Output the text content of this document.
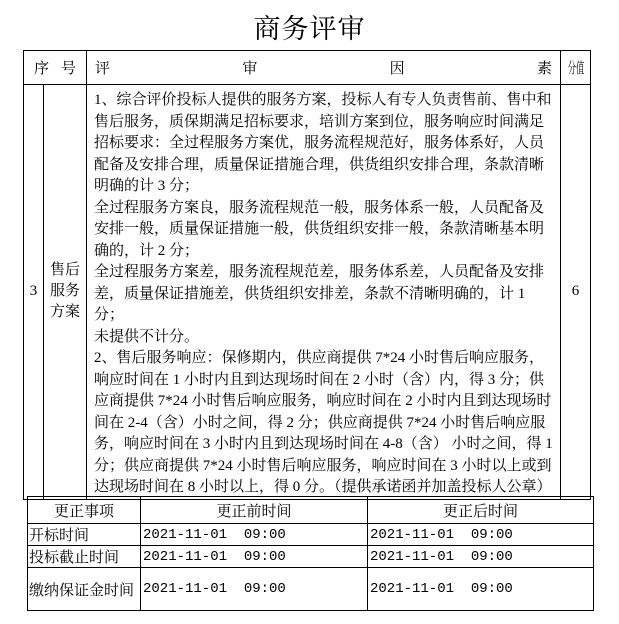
商务评审
序号		评审因素	分值
3	售后服务方案	1、综合评价投标人提供的服务方案，投标人有专人负责售前、售中和售后服务，质保期满足招标要求，培训方案到位，服务响应时间满足招标要求：全过程服务方案优，服务流程规范好，服务体系好，人员配备及安排合理，质量保证措施合理，供货组织安排合理，条款清晰明确的计 3 分；
全过程服务方案良，服务流程规范一般，服务体系一般，人员配备及安排一般，质量保证措施一般，供货组织安排一般，条款清晰基本明确的，计 2 分；
全过程服务方案差，服务流程规范差，服务体系差，人员配备及安排差，质量保证措施差，供货组织安排差，条款不清晰明确的，计 1 分；
未提供不计分。
2、售后服务响应：保修期内，供应商提供 7*24 小时售后响应服务，响应时间在 1 小时内且到达现场时间在 2 小时（含）内，得 3 分；供应商提供 7*24 小时售后响应服务，响应时间在 2 小时内且到达现场时间在 2-4（含）小时之间，得 2 分；供应商提供 7*24 小时售后响应服务，响应时间在 3 小时内且到达现场时间在 4-8（含） 小时之间，得 1 分；供应商提供 7*24 小时售后响应服务，响应时间在 3 小时以上或到达现场时间在 8 小时以上，得 0 分。（提供承诺函并加盖投标人公章）	6
更正事项	更正前时间	更正后时间
开标时间	2021-11-01  09:00	2021-11-01  09:00
投标截止时间	2021-11-01  09:00	2021-11-01  09:00
缴纳保证金时间	2021-11-01  09:00	2021-11-01  09:00
